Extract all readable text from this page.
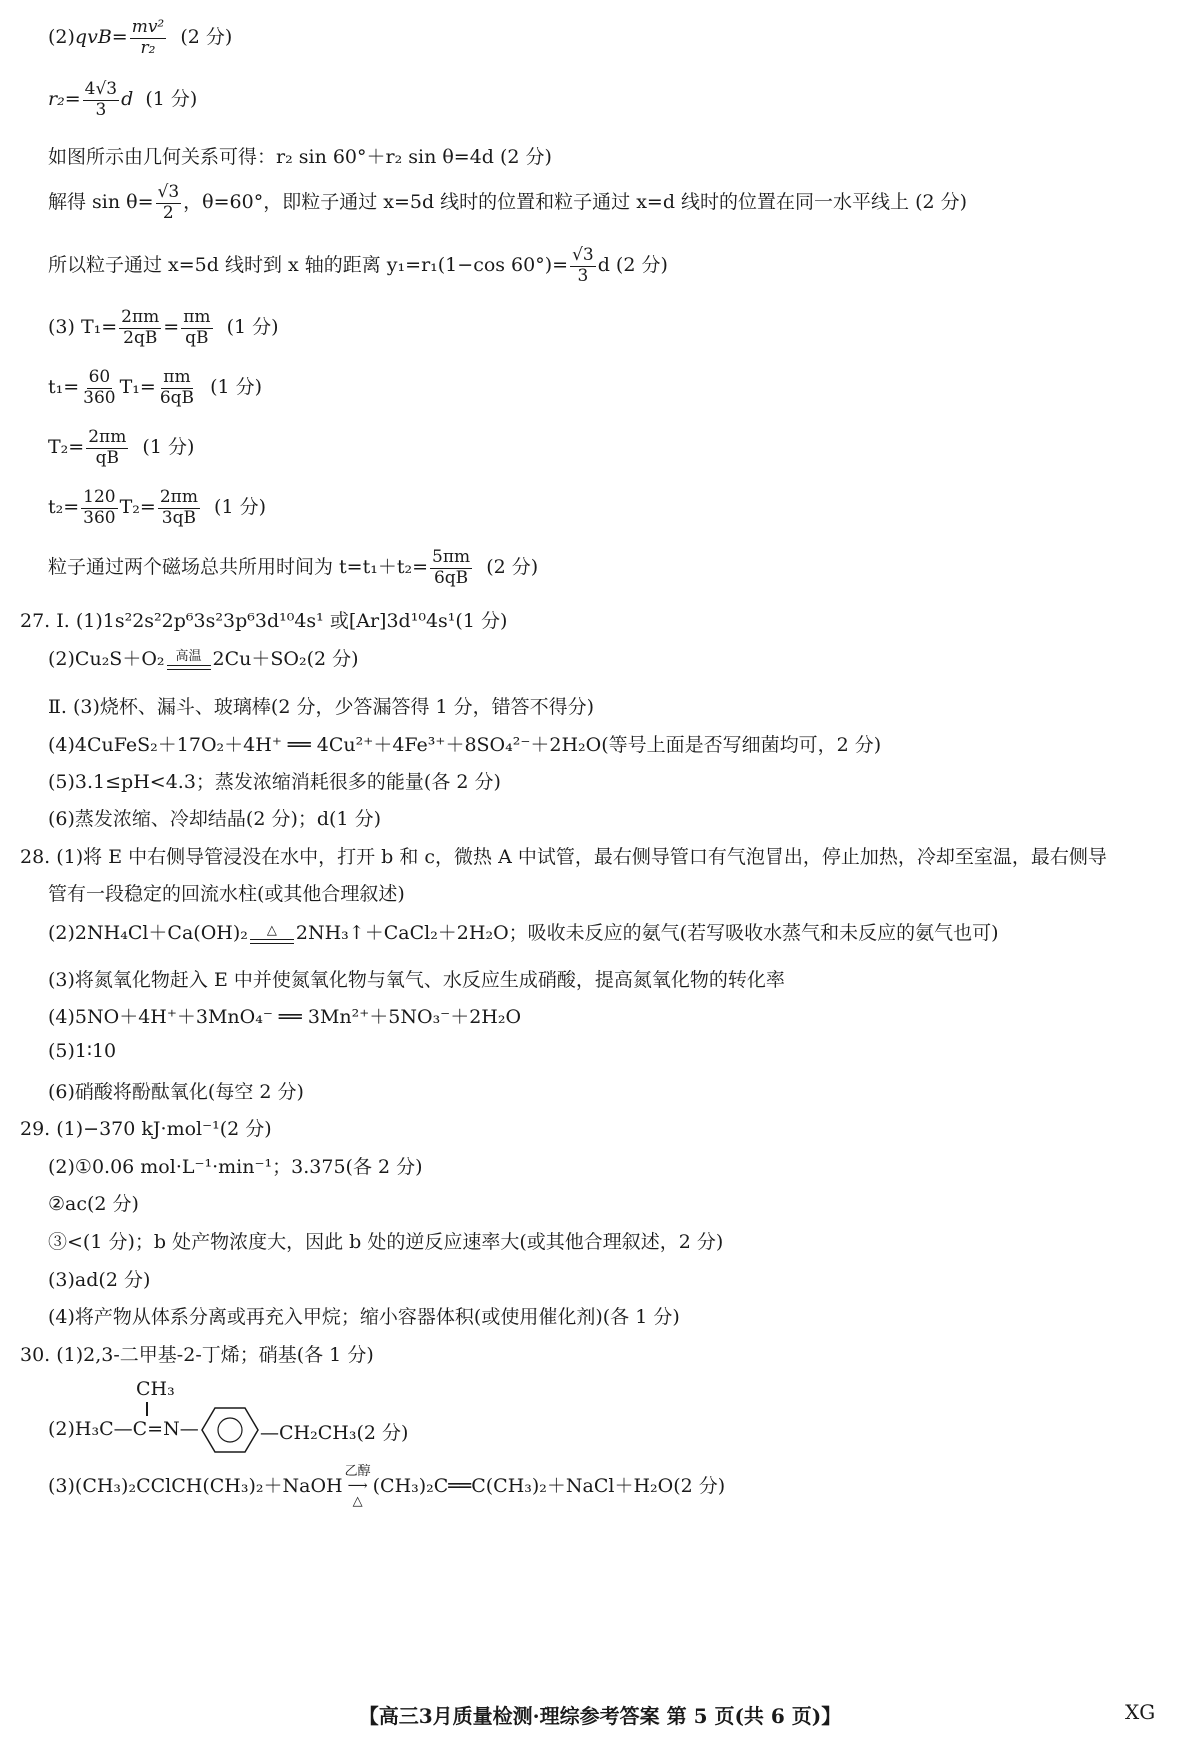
$(2)qvB= \frac{\text{mv²}}{\text{r₂}} (2$ 分)
$r_2= \frac{4√3}{3}$ d (1 分)
如图所示由几何关系可得：r₂ sin 60°＋r₂ sin θ=4d (2 分)
解得 $\sin \theta= \frac{√3}{2}$ ，θ=60°，即粒子通过 x=5d 线时的位置和粒子通过 x=d 线时的位置在同一水平线上 (2 分)
所以粒子通过 x=5d 线时到 x 轴的距离 y₁=r₁(1−cos $60^\circ)= \frac{√3}{3}$ d (2 分)
(3) $T_1= \frac{2\pi m}{2qB} = \frac{\pi m}{qB} (1$ 分)
$t_1= \frac{60}{360} T_1= \frac{\pi m}{6qB} (1$ 分)
$T_2= \frac{2\pi m}{qB} (1$ 分)
$t_2= \frac{120}{360} T_2= \frac{2\pi m}{3qB} (1$ 分)
粒子通过两个磁场总共所用时间为 $t=t_1+t_2= \frac{5\pi m}{6qB} (2$ 分)
27. Ⅰ. (1)1s²2s²2p⁶3s²3p⁶3d¹⁰4s¹ 或[Ar]3d¹⁰4s¹(1 分)
(2)Cu₂S＋O₂ 高温 2Cu＋SO₂(2 分)
Ⅱ. (3)烧杯、漏斗、玻璃棒(2 分，少答漏答得 1 分，错答不得分)
(4)4CuFeS₂＋17O₂＋4H⁺ ══ 4Cu²⁺＋4Fe³⁺＋8SO₄²⁻＋2H₂O(等号上面是否写细菌均可，2 分)
(5)3.1≤pH<4.3；蒸发浓缩消耗很多的能量(各 2 分)
(6)蒸发浓缩、冷却结晶(2 分)；d(1 分)
28. (1)将 E 中右侧导管浸没在水中，打开 b 和 c，微热 A 中试管，最右侧导管口有气泡冒出，停止加热，冷却至室温，最右侧导
管有一段稳定的回流水柱(或其他合理叙述)
(2)2NH₄Cl＋Ca(OH)₂ △ 2NH₃↑＋CaCl₂＋2H₂O；吸收未反应的氨气(若写吸收水蒸气和未反应的氨气也可)
(3)将氮氧化物赶入 E 中并使氮氧化物与氧气、水反应生成硝酸，提高氮氧化物的转化率
(4)5NO＋4H⁺＋3MnO₄⁻ ══ 3Mn²⁺＋5NO₃⁻＋2H₂O
(5)1∶10
(6)硝酸将酚酞氧化(每空 2 分)
29. (1)−370 kJ·mol⁻¹(2 分)
(2)①0.06 mol·L⁻¹·min⁻¹；3.375(各 2 分)
②ac(2 分)
③<(1 分)；b 处产物浓度大，因此 b 处的逆反应速率大(或其他合理叙述，2 分)
(3)ad(2 分)
(4)将产物从体系分离或再充入甲烷；缩小容器体积(或使用催化剂)(各 1 分)
30. (1)2,3-二甲基-2-丁烯；硝基(各 1 分)
CH₃
(2)H₃C—C=N—	—CH₂CH₃(2 分)
(3)(CH₃)₂CClCH(CH₃)₂＋NaOH
乙醇
⟶
△
(CH₃)₂C══C(CH₃)₂＋NaCl＋H₂O(2 分)
【高三3月质量检测·理综参考答案 第 5 页(共 6 页)】	XG
